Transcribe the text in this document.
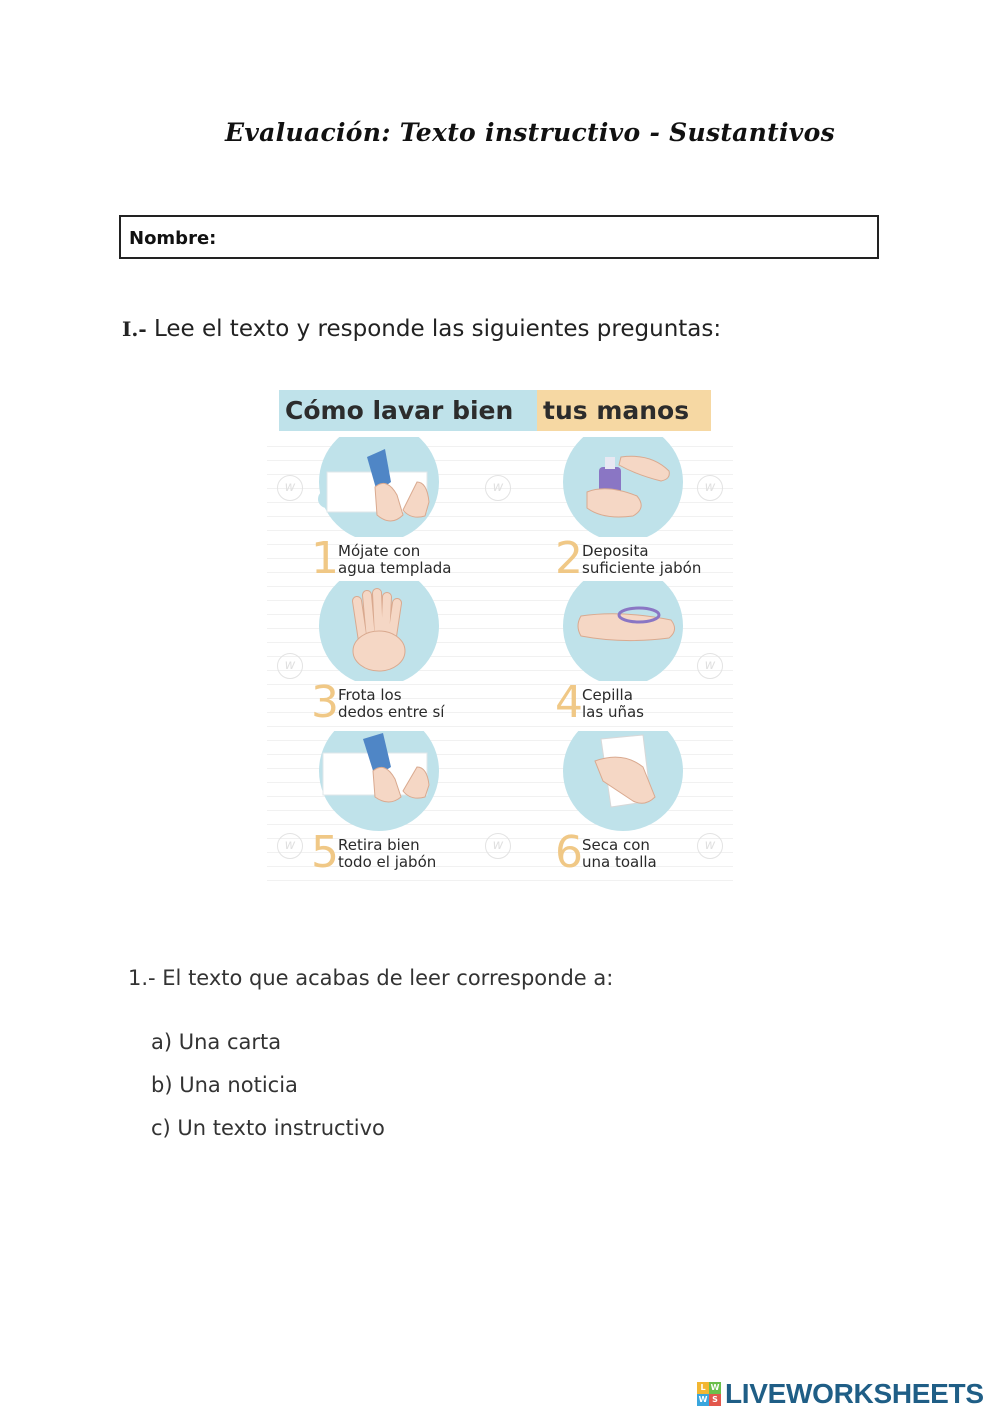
Evaluación: Texto instructivo - Sustantivos
Nombre:
I.- Lee el texto y responde las siguientes preguntas:
Cómo lavar bien	tus manos
w	w	w
w	w
w	w	w
1 Mójate con
agua templada 2 Deposita
suficiente jabón
3 Frota los
dedos entre sí	4 Cepilla
las uñas
5 Retira bien
todo el jabón	6 Seca con
una toalla
1.- El texto que acabas de leer corresponde a:
a) Una carta
b) Una noticia
c) Un texto instructivo
L W
W S LIVEWORKSHEETS
